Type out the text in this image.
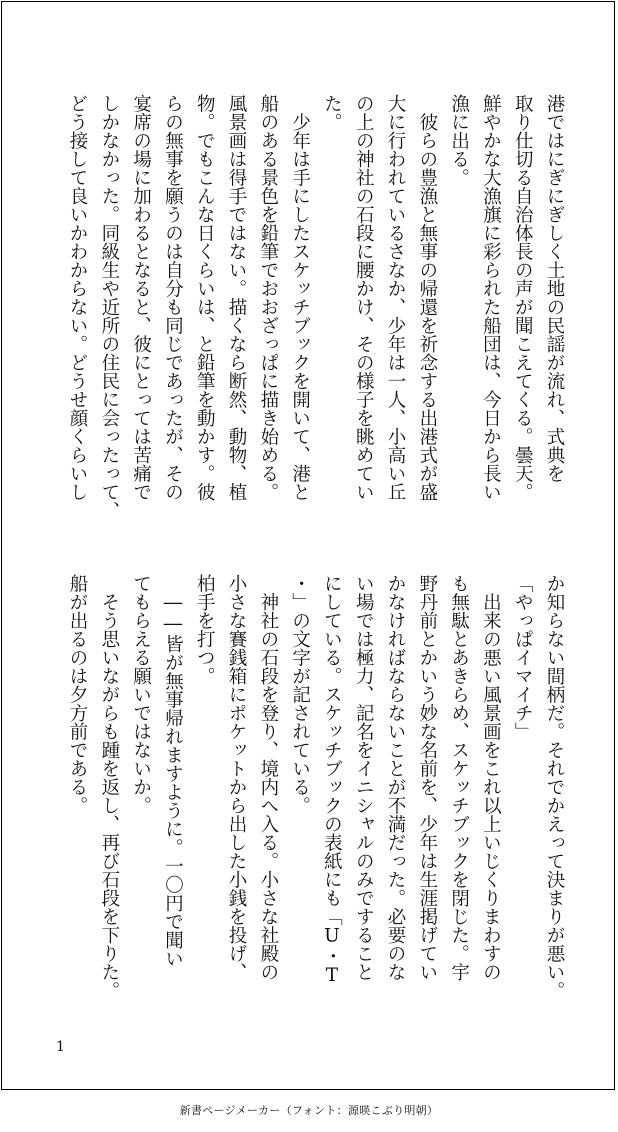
港ではにぎにぎしく土地の民謡が流れ、式典を
取り仕切る自治体長の声が聞こえてくる。曇天。
鮮やかな大漁旗に彩られた船団は、今日から長い
漁に出る。
　彼らの豊漁と無事の帰還を祈念する出港式が盛
大に行われているさなか、少年は一人、小高い丘
の上の神社の石段に腰かけ、その様子を眺めてい
た。
　少年は手にしたスケッチブックを開いて、港と
船のある景色を鉛筆でおおざっぱに描き始める。
風景画は得手ではない。描くなら断然、動物、植
物。でもこんな日くらいは、と鉛筆を動かす。彼
らの無事を願うのは自分も同じであったが、その
宴席の場に加わるとなると、彼にとっては苦痛で
しかなかった。同級生や近所の住民に会ったって、
どう接して良いかわからない。どうせ顔くらいし
か知らない間柄だ。それでかえって決まりが悪い。
「やっぱイマイチ」
　出来の悪い風景画をこれ以上いじくりまわすの
も無駄とあきらめ、スケッチブックを閉じた。宇
野丹前とかいう妙な名前を、少年は生涯掲げてい
かなければならないことが不満だった。必要のな
い場では極力、記名をイニシャルのみですること
にしている。スケッチブックの表紙にも「U・T
・」の文字が記されている。
　神社の石段を登り、境内へ入る。小さな社殿の
小さな賽銭箱にポケットから出した小銭を投げ、
柏手を打つ。
　――皆が無事帰れますように。一〇円で聞い
てもらえる願いではないか。
　そう思いながらも踵を返し、再び石段を下りた。
船が出るのは夕方前である。
1
新書ページメーカー（フォント：源暎こぶり明朝）
